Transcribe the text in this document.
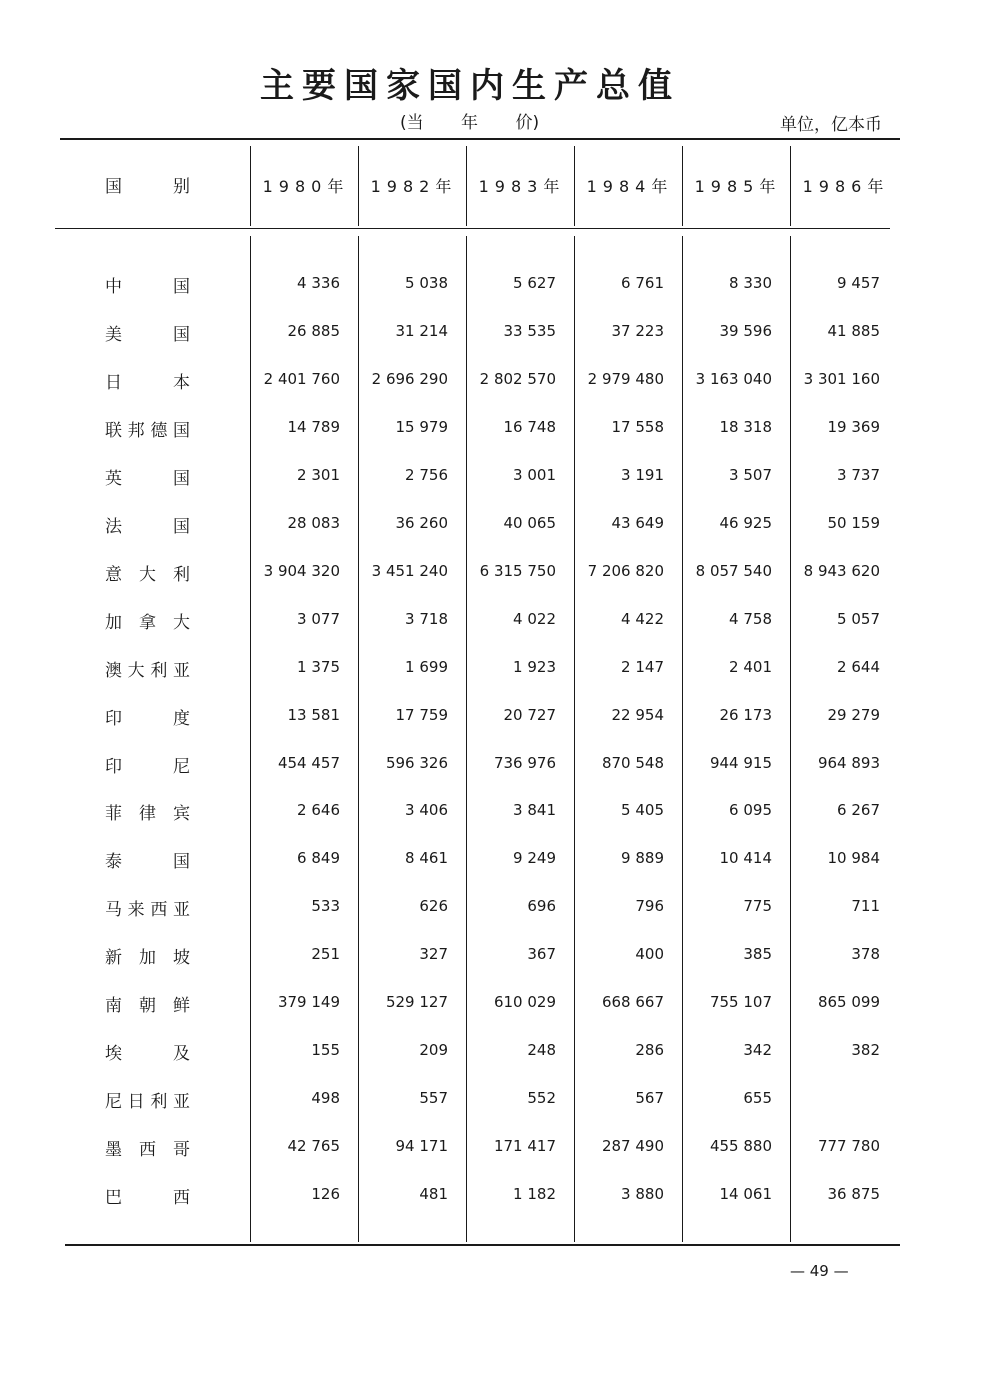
主要国家国内生产总值
(当 年 价)	单位，亿本币
国	别	1980年	1982年	1983年	1984年	1985年	1986年
中	国	4 336	5 038	5 627	6 761	8 330	9 457
美	国	26 885	31 214	33 535	37 223	39 596	41 885
日	本	2 401 760	2 696 290	2 802 570	2 979 480	3 163 040	3 301 160
联 邦 德 国	14 789	15 979	16 748	17 558	18 318	19 369
英	国	2 301	2 756	3 001	3 191	3 507	3 737
法	国	28 083	36 260	40 065	43 649	46 925	50 159
意 大 利	3 904 320	3 451 240	6 315 750	7 206 820	8 057 540	8 943 620
加 拿 大	3 077	3 718	4 022	4 422	4 758	5 057
澳 大 利 亚	1 375	1 699	1 923	2 147	2 401	2 644
印	度	13 581	17 759	20 727	22 954	26 173	29 279
印	尼	454 457	596 326	736 976	870 548	944 915	964 893
菲 律 宾	2 646	3 406	3 841	5 405	6 095	6 267
泰	国	6 849	8 461	9 249	9 889	10 414	10 984
马 来 西 亚	533	626	696	796	775	711
新 加 坡	251	327	367	400	385	378
南 朝 鲜	379 149	529 127	610 029	668 667	755 107	865 099
埃	及	155	209	248	286	342	382
尼 日 利 亚	498	557	552	567	655
墨 西 哥	42 765	94 171	171 417	287 490	455 880	777 780
巴	西	126	481	1 182	3 880	14 061	36 875
— 49 —
